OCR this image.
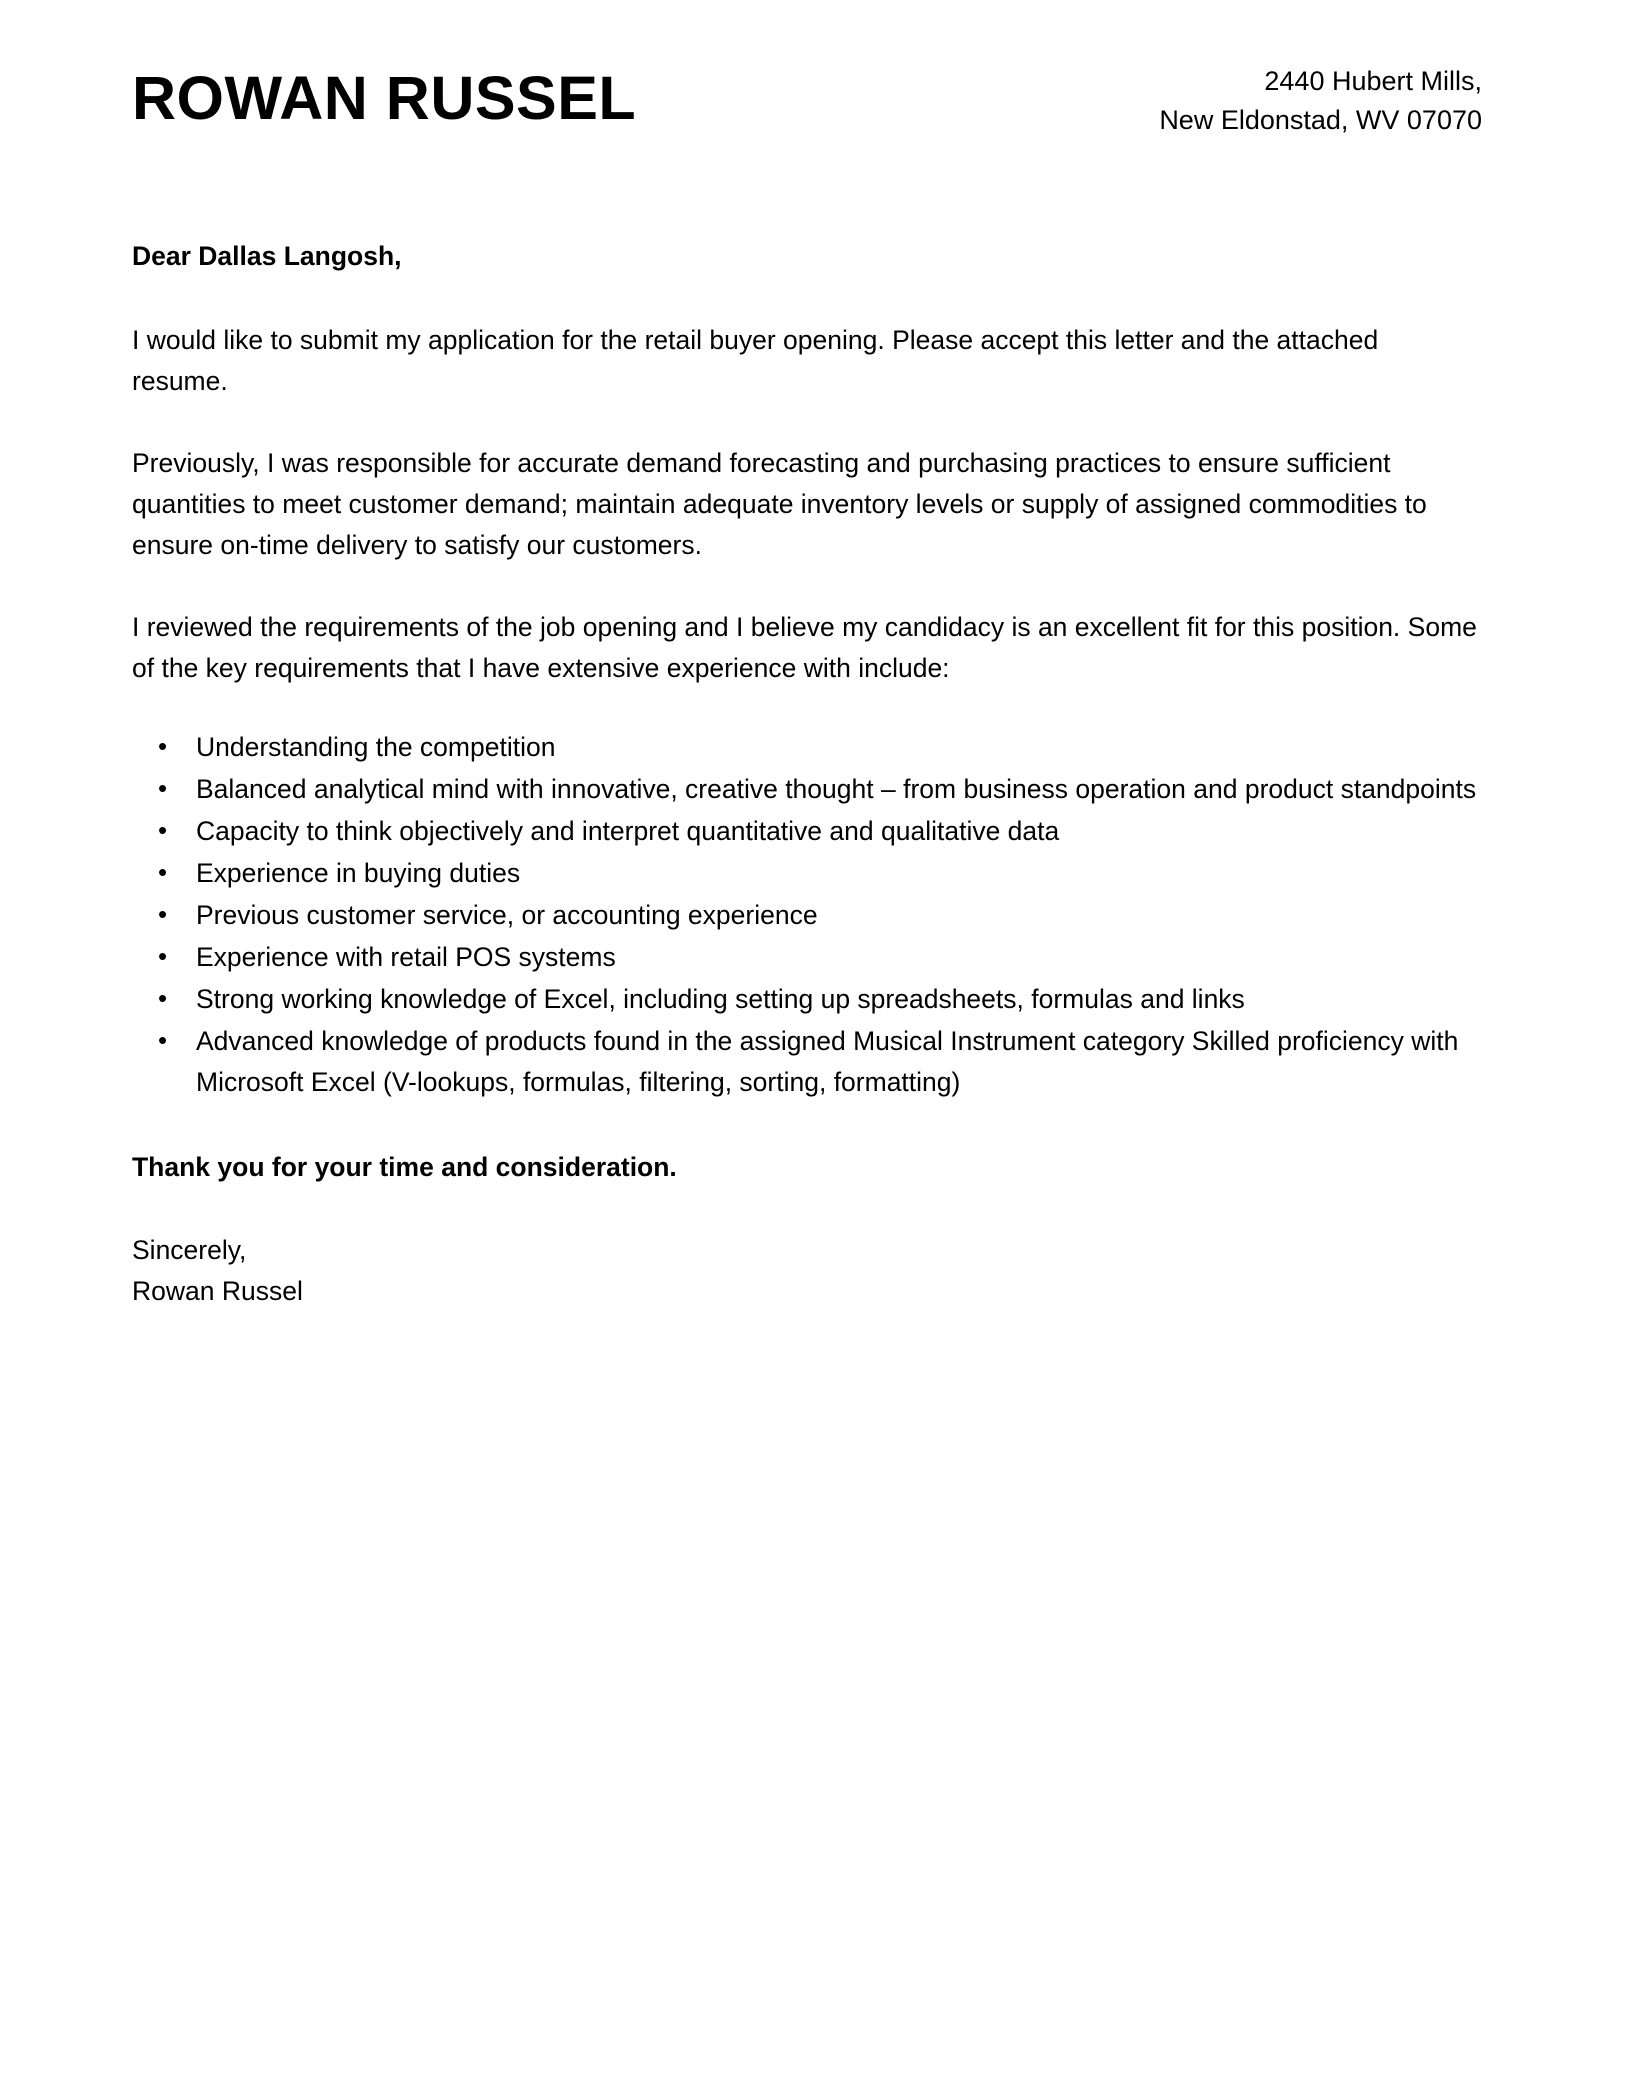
ROWAN RUSSEL	2440 Hubert Mills,
New Eldonstad, WV 07070

Dear Dallas Langosh,

I would like to submit my application for the retail buyer opening. Please accept this letter and the attached resume.

Previously, I was responsible for accurate demand forecasting and purchasing practices to ensure sufficient quantities to meet customer demand; maintain adequate inventory levels or supply of assigned commodities to ensure on-time delivery to satisfy our customers.

I reviewed the requirements of the job opening and I believe my candidacy is an excellent fit for this position. Some of the key requirements that I have extensive experience with include:

• Understanding the competition
• Balanced analytical mind with innovative, creative thought – from business operation and product standpoints
• Capacity to think objectively and interpret quantitative and qualitative data
• Experience in buying duties
• Previous customer service, or accounting experience
• Experience with retail POS systems
• Strong working knowledge of Excel, including setting up spreadsheets, formulas and links
• Advanced knowledge of products found in the assigned Musical Instrument category Skilled proficiency with Microsoft Excel (V-lookups, formulas, filtering, sorting, formatting)

Thank you for your time and consideration.

Sincerely,
Rowan Russel
